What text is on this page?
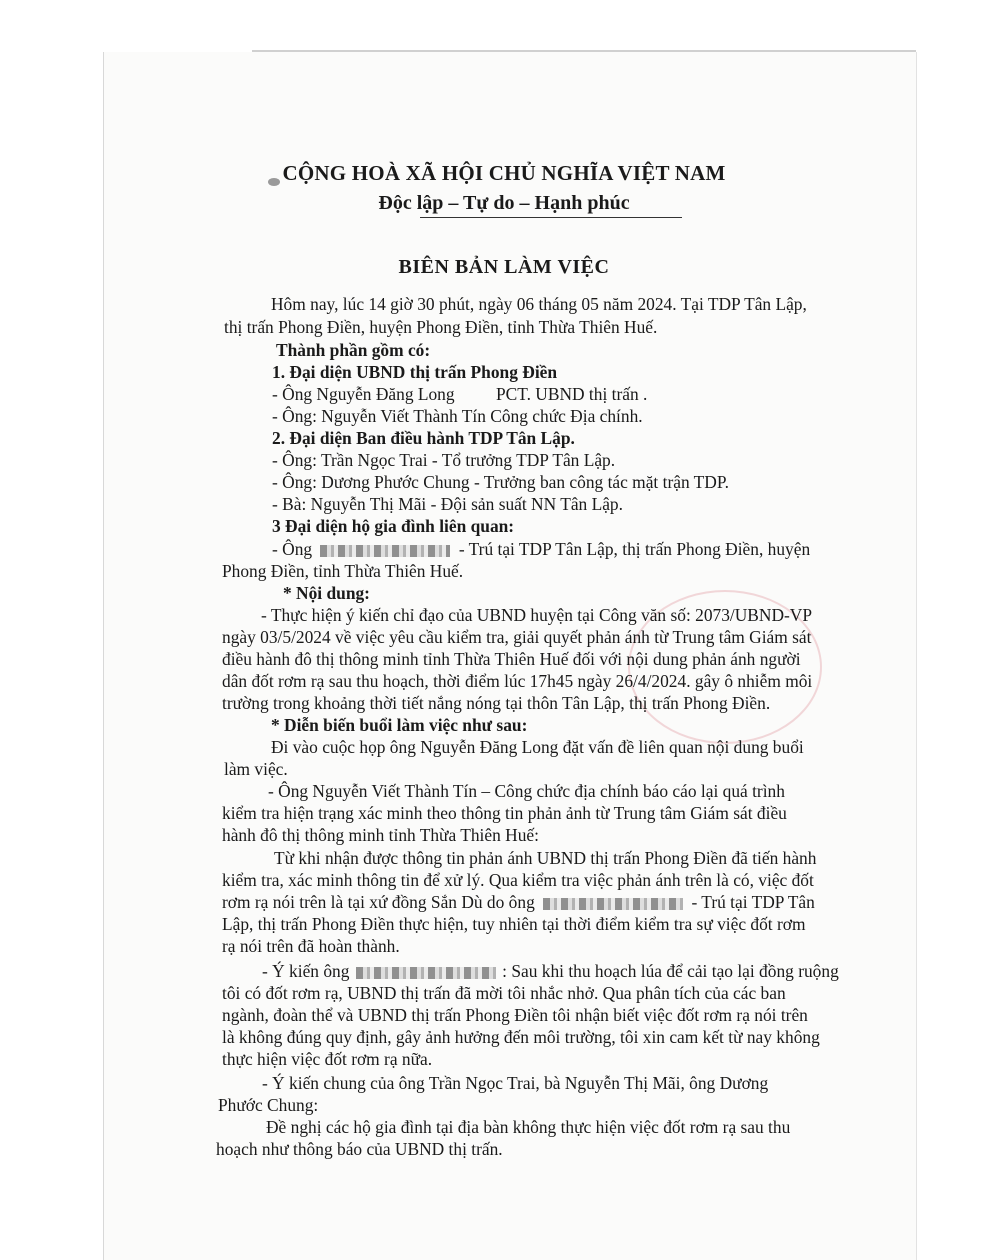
CỘNG HOÀ XÃ HỘI CHỦ NGHĨA VIỆT NAM
Độc lập – Tự do – Hạnh phúc
BIÊN BẢN LÀM VIỆC
Hôm nay, lúc 14 giờ 30 phút, ngày 06 tháng 05 năm 2024. Tại TDP Tân Lập,
thị trấn Phong Điền, huyện Phong Điền, tỉnh Thừa Thiên Huế.
Thành phần gồm có:
1. Đại diện UBND thị trấn Phong Điền
- Ông Nguyễn Đăng Long PCT. UBND thị trấn .
- Ông: Nguyễn Viết Thành Tín Công chức Địa chính.
2. Đại diện Ban điều hành TDP Tân Lập.
- Ông: Trần Ngọc Trai - Tổ trưởng TDP Tân Lập.
- Ông: Dương Phước Chung - Trưởng ban công tác mặt trận TDP.
- Bà: Nguyễn Thị Mãi - Đội sản suất NN Tân Lập.
3 Đại diện hộ gia đình liên quan:
- Ông	- Trú tại TDP Tân Lập, thị trấn Phong Điền, huyện
Phong Điền, tỉnh Thừa Thiên Huế.
* Nội dung:
- Thực hiện ý kiến chỉ đạo của UBND huyện tại Công văn số: 2073/UBND-VP
ngày 03/5/2024 về việc yêu cầu kiểm tra, giải quyết phản ánh từ Trung tâm Giám sát
điều hành đô thị thông minh tỉnh Thừa Thiên Huế đối với nội dung phản ánh người
dân đốt rơm rạ sau thu hoạch, thời điểm lúc 17h45 ngày 26/4/2024. gây ô nhiễm môi
trường trong khoảng thời tiết nắng nóng tại thôn Tân Lập, thị trấn Phong Điền.
* Diễn biến buổi làm việc như sau:
Đi vào cuộc họp ông Nguyễn Đăng Long đặt vấn đề liên quan nội dung buổi
làm việc.
- Ông Nguyễn Viết Thành Tín – Công chức địa chính báo cáo lại quá trình
kiểm tra hiện trạng xác minh theo thông tin phản ảnh từ Trung tâm Giám sát điều
hành đô thị thông minh tỉnh Thừa Thiên Huế:
Từ khi nhận được thông tin phản ánh UBND thị trấn Phong Điền đã tiến hành
kiểm tra, xác minh thông tin để xử lý. Qua kiểm tra việc phản ánh trên là có, việc đốt
rơm rạ nói trên là tại xứ đồng Sắn Dù do ông	- Trú tại TDP Tân
Lập, thị trấn Phong Điền thực hiện, tuy nhiên tại thời điểm kiểm tra sự việc đốt rơm
rạ nói trên đã hoàn thành.
- Ý kiến ông	: Sau khi thu hoạch lúa để cải tạo lại đồng ruộng
tôi có đốt rơm rạ, UBND thị trấn đã mời tôi nhắc nhở. Qua phân tích của các ban
ngành, đoàn thể và UBND thị trấn Phong Điền tôi nhận biết việc đốt rơm rạ nói trên
là không đúng quy định, gây ảnh hưởng đến môi trường, tôi xin cam kết từ nay không
thực hiện việc đốt rơm rạ nữa.
- Ý kiến chung của ông Trần Ngọc Trai, bà Nguyễn Thị Mãi, ông Dương
Phước Chung:
Đề nghị các hộ gia đình tại địa bàn không thực hiện việc đốt rơm rạ sau thu
hoạch như thông báo của UBND thị trấn.
